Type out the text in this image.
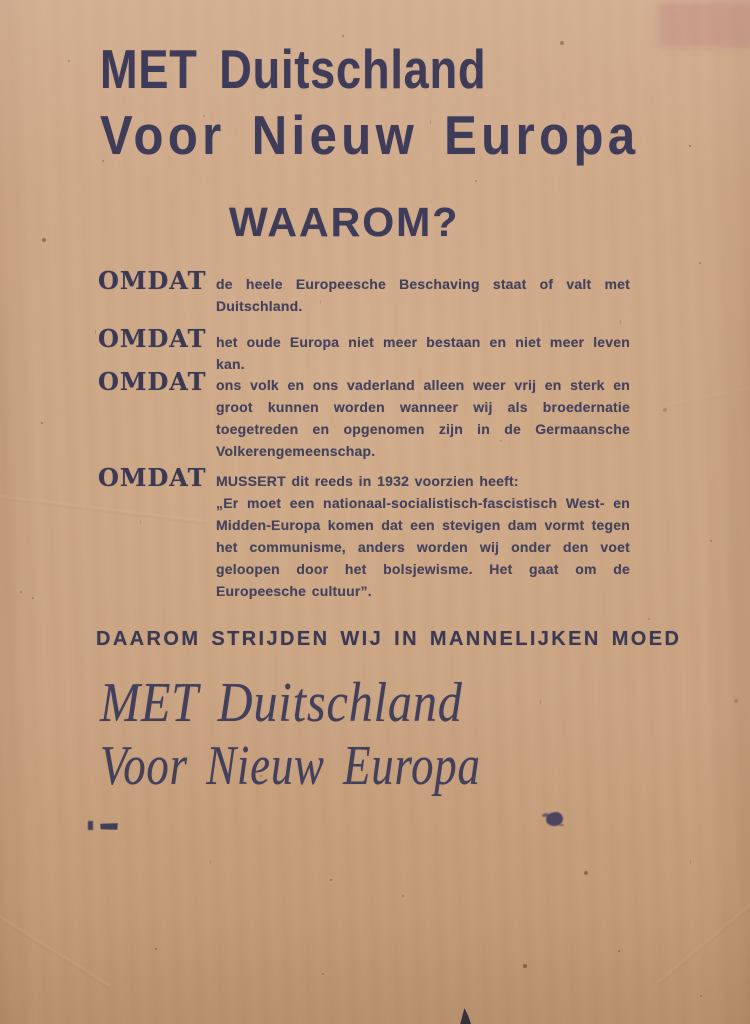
MET Duitschland
Voor Nieuw Europa
WAAROM?
OMDAT de heele Europeesche Beschaving staat of valt met Duitschland.
OMDAT het oude Europa niet meer bestaan en niet meer leven kan.
OMDAT ons volk en ons vaderland alleen weer vrij en sterk en groot kunnen worden wanneer wij als broedernatie toegetreden en opgenomen zijn in de Germaansche Volkerengemeenschap.
OMDAT MUSSERT dit reeds in 1932 voorzien heeft:

„Er moet een nationaal-socialistisch-fascistisch West- en Midden-Europa komen dat een stevigen dam vormt tegen het communisme, anders worden wij onder den voet geloopen door het bolsjewisme. Het gaat om de Europeesche cultuur”.

DAAROM STRIJDEN WIJ IN MANNELIJKEN MOED
MET Duitschland
Voor Nieuw Europa
